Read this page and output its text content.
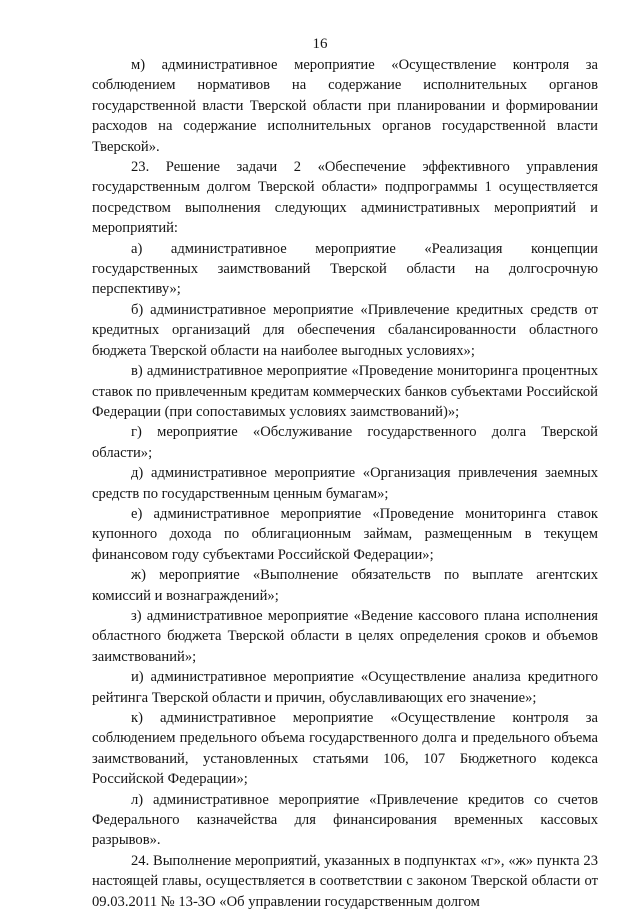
16

м) административное мероприятие «Осуществление контроля за соблюдением нормативов на содержание исполнительных органов государственной власти Тверской области при планировании и формировании расходов на содержание исполнительных органов государственной власти Тверской».

23. Решение задачи 2 «Обеспечение эффективного управления государственным долгом Тверской области» подпрограммы 1 осуществляется посредством выполнения следующих административных мероприятий и мероприятий:

а) административное мероприятие «Реализация концепции государственных заимствований Тверской области на долгосрочную перспективу»;

б) административное мероприятие «Привлечение кредитных средств от кредитных организаций для обеспечения сбалансированности областного бюджета Тверской области на наиболее выгодных условиях»;

в) административное мероприятие «Проведение мониторинга процентных ставок по привлеченным кредитам коммерческих банков субъектами Российской Федерации (при сопоставимых условиях заимствований)»;

г) мероприятие «Обслуживание государственного долга Тверской области»;

д) административное мероприятие «Организация привлечения заемных средств по государственным ценным бумагам»;

е) административное мероприятие «Проведение мониторинга ставок купонного дохода по облигационным займам, размещенным в текущем финансовом году субъектами Российской Федерации»;

ж) мероприятие «Выполнение обязательств по выплате агентских комиссий и вознаграждений»;

з) административное мероприятие «Ведение кассового плана исполнения областного бюджета Тверской области в целях определения сроков и объемов заимствований»;

и) административное мероприятие «Осуществление анализа кредитного рейтинга Тверской области и причин, обуславливающих его значение»;

к) административное мероприятие «Осуществление контроля за соблюдением предельного объема государственного долга и предельного объема заимствований, установленных статьями 106, 107 Бюджетного кодекса Российской Федерации»;

л) административное мероприятие «Привлечение кредитов со счетов Федерального казначейства для финансирования временных кассовых разрывов».

24. Выполнение мероприятий, указанных в подпунктах «г», «ж» пункта 23 настоящей главы, осуществляется в соответствии с законом Тверской области от 09.03.2011 № 13-ЗО «Об управлении государственным долгом
